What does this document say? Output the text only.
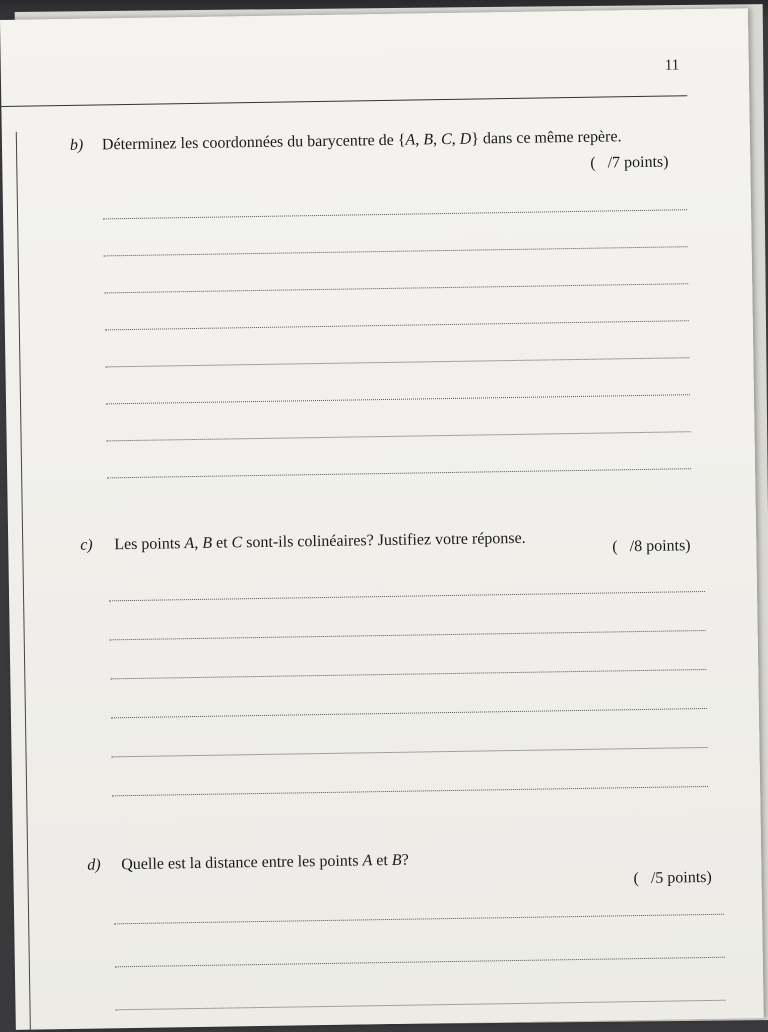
11
b) Déterminez les coordonnées du barycentre de {A, B, C, D} dans ce même repère.
(   /7 points)
c) Les points A, B et C sont-ils colinéaires? Justifiez votre réponse.	(   /8 points)
d) Quelle est la distance entre les points A et B?
(   /5 points)
